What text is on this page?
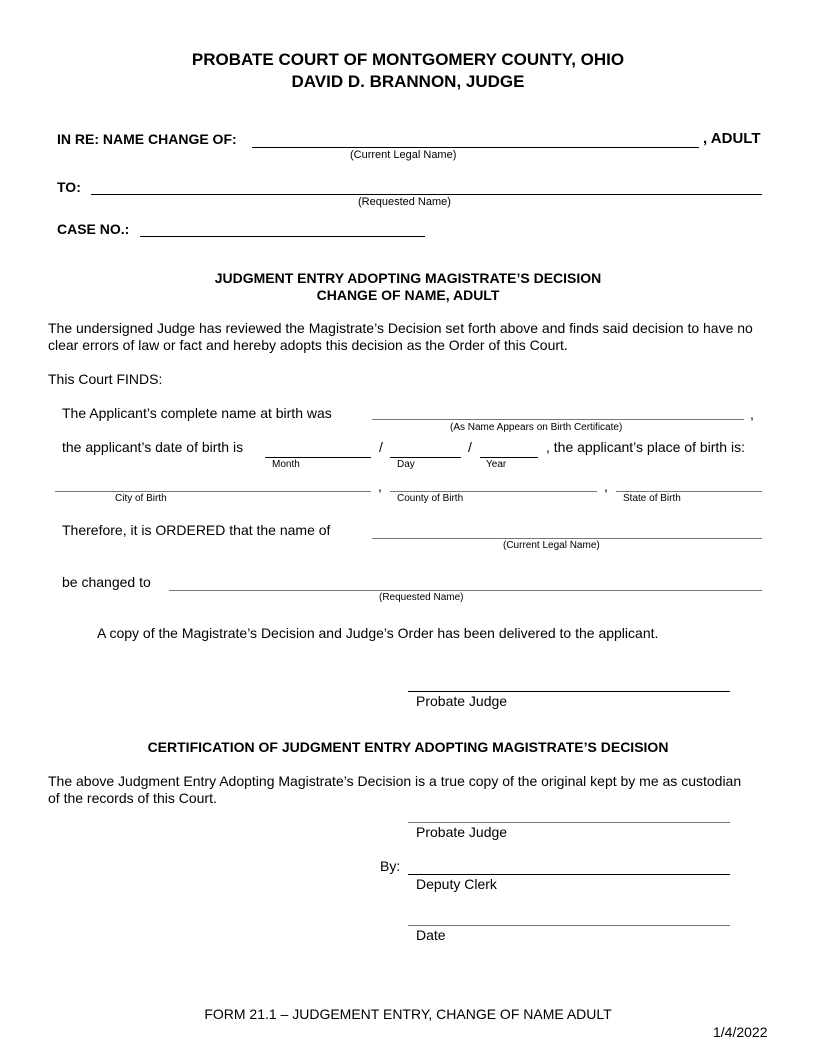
PROBATE COURT OF MONTGOMERY COUNTY, OHIO
DAVID D. BRANNON, JUDGE
IN RE: NAME CHANGE OF:	, ADULT
(Current Legal Name)
TO:
(Requested Name)
CASE NO.:
JUDGMENT ENTRY ADOPTING MAGISTRATE’S DECISION
CHANGE OF NAME, ADULT

The undersigned Judge has reviewed the Magistrate’s Decision set forth above and finds said decision to have no clear errors of law or fact and hereby adopts this decision as the Order of this Court.

This Court FINDS:
The Applicant’s complete name at birth was	,
(As Name Appears on Birth Certificate)
the applicant’s date of birth is	/	/	, the applicant’s place of birth is:
Month	Day	Year
,	,
City of Birth	County of Birth	State of Birth
Therefore, it is ORDERED that the name of
(Current Legal Name)
be changed to
(Requested Name)
A copy of the Magistrate’s Decision and Judge’s Order has been delivered to the applicant.
Probate Judge
CERTIFICATION OF JUDGMENT ENTRY ADOPTING MAGISTRATE’S DECISION

The above Judgment Entry Adopting Magistrate’s Decision is a true copy of the original kept by me as custodian of the records of this Court.

Probate Judge
By:
Deputy Clerk
Date
FORM 21.1 – JUDGEMENT ENTRY, CHANGE OF NAME ADULT
1/4/2022
